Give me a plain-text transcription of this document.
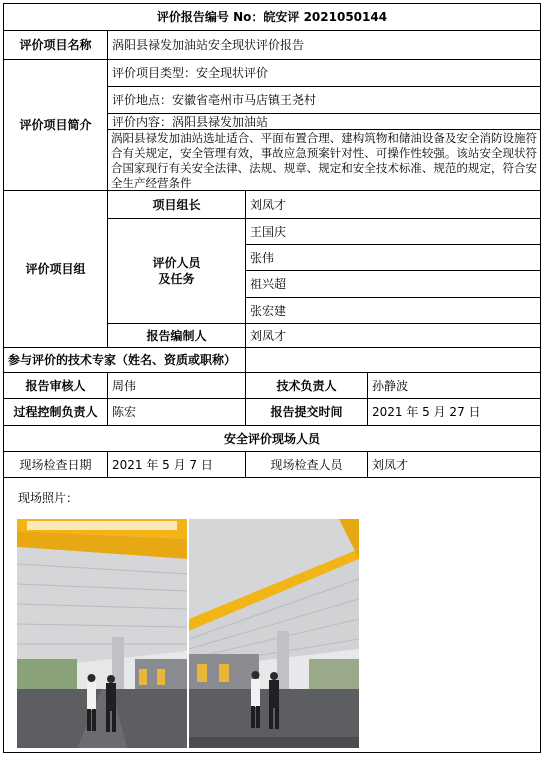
评价报告编号 No：皖安评 2021050144
评价项目名称	涡阳县禄发加油站安全现状评价报告
评价项目简介
评价项目类型：安全现状评价
评价地点：安徽省亳州市马店镇王尧村
评价内容：涡阳县禄发加油站
涡阳县禄发加油站选址适合、平面布置合理、建构筑物和储油设备及安全消防设施符合有关规定，安全管理有效，事故应急预案针对性、可操作性较强。该站安全现状符合国家现行有关安全法律、法规、规章、规定和安全技术标准、规范的规定，符合安全生产经营条件
评价项目组
项目组长	刘凤才
评价人员
及任务
王国庆
张伟
祖兴超
张宏建
报告编制人	刘凤才
参与评价的技术专家（姓名、资质或职称）
报告审核人	周伟	技术负责人	孙静波
过程控制负责人	陈宏	报告提交时间	2021 年 5 月 27 日
安全评价现场人员
现场检查日期	2021 年 5 月 7 日	现场检查人员	刘凤才
现场照片：
